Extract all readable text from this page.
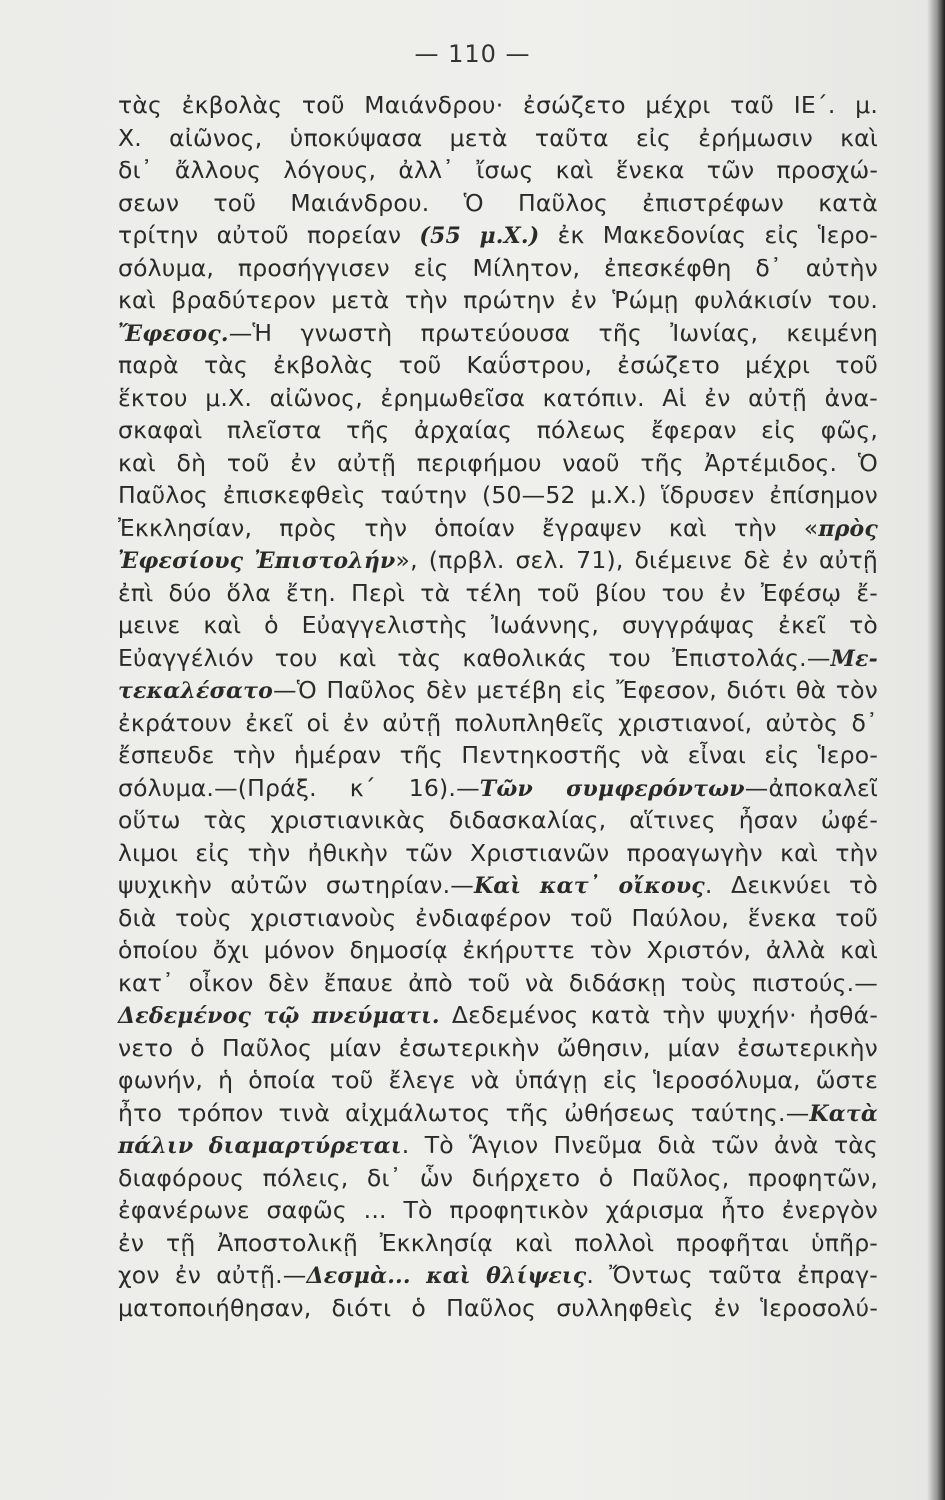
— 110 —
τὰς ἐκβολὰς τοῦ Μαιάνδρου· ἐσώζετο μέχρι ταῦ ΙΕ΄. μ.
Χ. αἰῶνος, ὑποκύψασα μετὰ ταῦτα εἰς ἐρήμωσιν καὶ
δι᾿ ἄλλους λόγους, ἀλλ᾿ ἴσως καὶ ἕνεκα τῶν προσχώ-
σεων τοῦ Μαιάνδρου. Ὁ Παῦλος ἐπιστρέφων κατὰ
τρίτην αὐτοῦ πορείαν (55 μ.Χ.) ἐκ Μακεδονίας εἰς Ἱερο-
σόλυμα, προσήγγισεν εἰς Μίλητον, ἐπεσκέφθη δ᾿ αὐτὴν
καὶ βραδύτερον μετὰ τὴν πρώτην ἐν Ῥώμῃ φυλάκισίν του.
Ἔφεσος.—Ἡ γνωστὴ πρωτεύουσα τῆς Ἰωνίας, κειμένη
παρὰ τὰς ἐκβολὰς τοῦ Καΰστρου, ἐσώζετο μέχρι τοῦ
ἕκτου μ.Χ. αἰῶνος, ἐρημωθεῖσα κατόπιν. Αἱ ἐν αὐτῇ ἀνα-
σκαφαὶ πλεῖστα τῆς ἀρχαίας πόλεως ἔφεραν εἰς φῶς,
καὶ δὴ τοῦ ἐν αὐτῇ περιφήμου ναοῦ τῆς Ἀρτέμιδος. Ὁ
Παῦλος ἐπισκεφθεὶς ταύτην (50—52 μ.Χ.) ἵδρυσεν ἐπίσημον
Ἐκκλησίαν, πρὸς τὴν ὁποίαν ἔγραψεν καὶ τὴν «πρὸς
Ἐφεσίους Ἐπιστολήν», (πρβλ. σελ. 71), διέμεινε δὲ ἐν αὐτῇ
ἐπὶ δύο ὅλα ἔτη. Περὶ τὰ τέλη τοῦ βίου του ἐν Ἐφέσῳ ἔ-
μεινε καὶ ὁ Εὐαγγελιστὴς Ἰωάννης, συγγράψας ἐκεῖ τὸ
Εὐαγγέλιόν του καὶ τὰς καθολικάς του Ἐπιστολάς.—Με-
τεκαλέσατο—Ὁ Παῦλος δὲν μετέβη εἰς Ἔφεσον, διότι θὰ τὸν
ἐκράτουν ἐκεῖ οἱ ἐν αὐτῇ πολυπληθεῖς χριστιανοί, αὐτὸς δ᾿
ἔσπευδε τὴν ἡμέραν τῆς Πεντηκοστῆς νὰ εἶναι εἰς Ἱερο-
σόλυμα.—(Πράξ. κ΄ 16).—Τῶν συμφερόντων—ἀποκαλεῖ
οὕτω τὰς χριστιανικὰς διδασκαλίας, αἵτινες ἦσαν ὠφέ-
λιμοι εἰς τὴν ἠθικὴν τῶν Χριστιανῶν προαγωγὴν καὶ τὴν
ψυχικὴν αὐτῶν σωτηρίαν.—Καὶ κατ᾿ οἴκους. Δεικνύει τὸ
διὰ τοὺς χριστιανοὺς ἐνδιαφέρον τοῦ Παύλου, ἕνεκα τοῦ
ὁποίου ὄχι μόνον δημοσίᾳ ἐκήρυττε τὸν Χριστόν, ἀλλὰ καὶ
κατ᾿ οἶκον δὲν ἔπαυε ἀπὸ τοῦ νὰ διδάσκῃ τοὺς πιστούς.—
Δεδεμένος τῷ πνεύματι. Δεδεμένος κατὰ τὴν ψυχήν· ἠσθά-
νετο ὁ Παῦλος μίαν ἐσωτερικὴν ὤθησιν, μίαν ἐσωτερικὴν
φωνήν, ἡ ὁποία τοῦ ἔλεγε νὰ ὑπάγῃ εἰς Ἱεροσόλυμα, ὥστε
ἦτο τρόπον τινὰ αἰχμάλωτος τῆς ὠθήσεως ταύτης.—Κατὰ
πάλιν διαμαρτύρεται. Τὸ Ἅγιον Πνεῦμα διὰ τῶν ἀνὰ τὰς
διαφόρους πόλεις, δι᾿ ὧν διήρχετο ὁ Παῦλος, προφητῶν,
ἐφανέρωνε σαφῶς ... Τὸ προφητικὸν χάρισμα ἦτο ἐνεργὸν
ἐν τῇ Ἀποστολικῇ Ἐκκλησίᾳ καὶ πολλοὶ προφῆται ὑπῆρ-
χον ἐν αὐτῇ.—Δεσμὰ... καὶ θλίψεις. Ὄντως ταῦτα ἐπραγ-
ματοποιήθησαν, διότι ὁ Παῦλος συλληφθεὶς ἐν Ἱεροσολύ-
